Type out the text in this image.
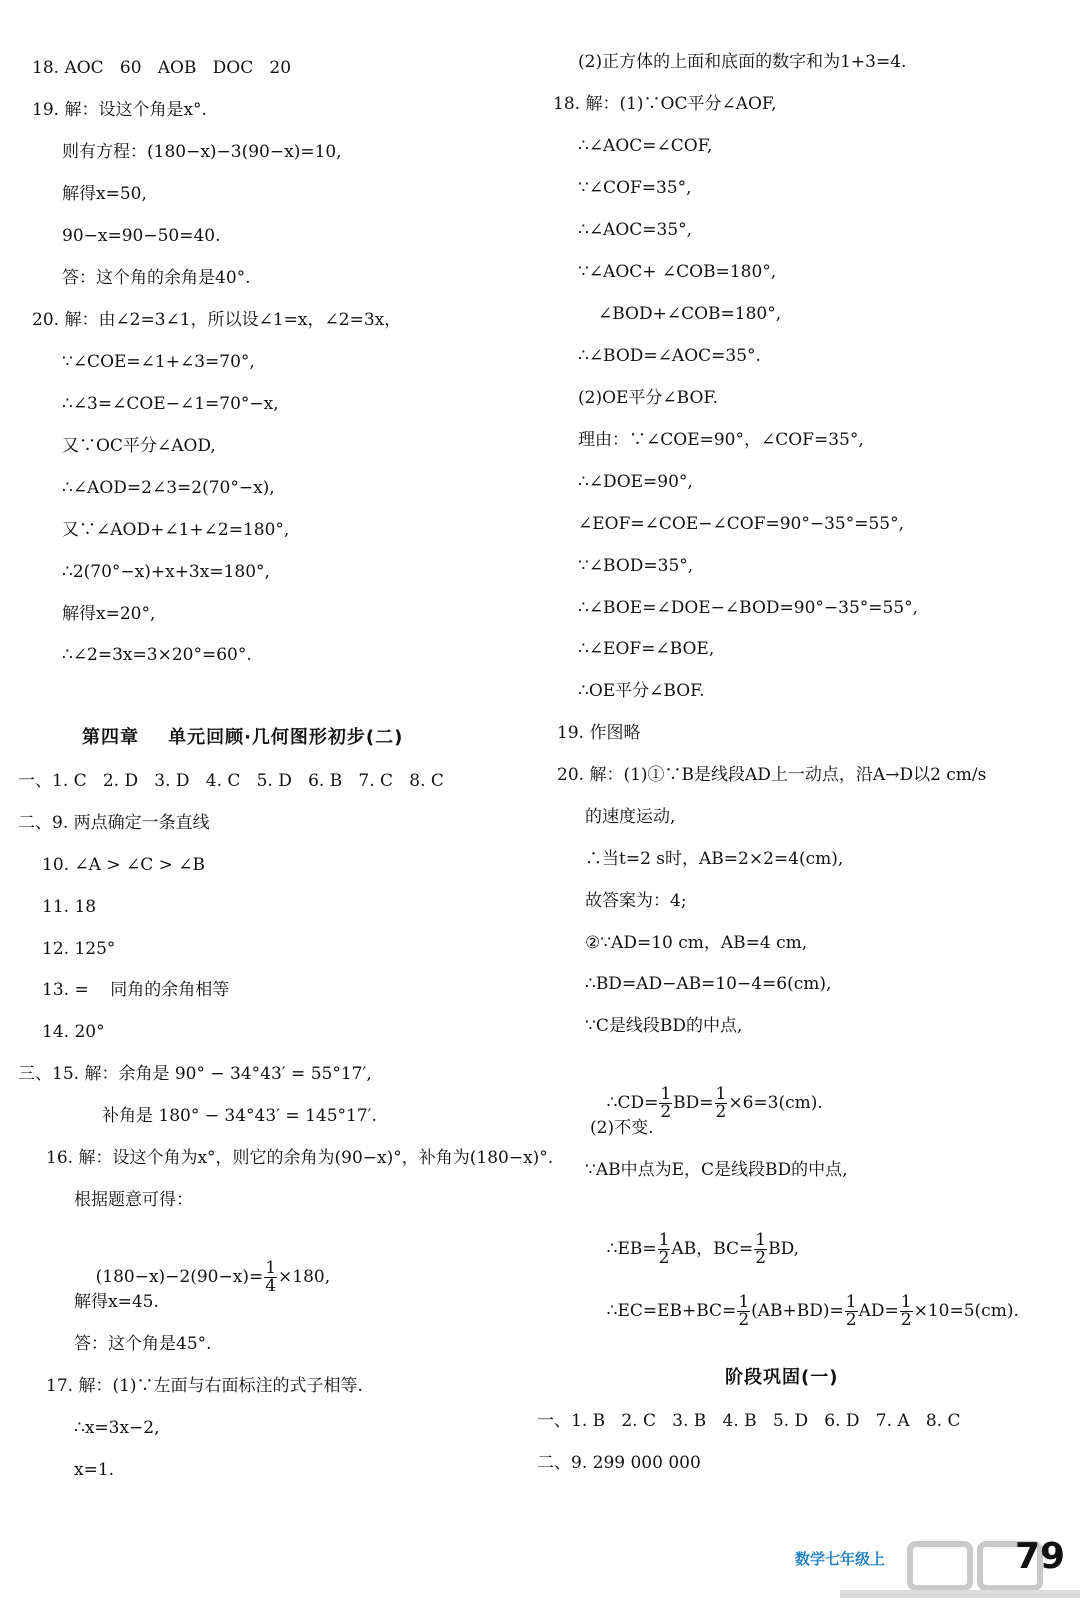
18. AOC   60   AOB   DOC   20
19. 解：设这个角是x°.
则有方程：(180−x)−3(90−x)=10,
解得x=50,
90−x=90−50=40.
答：这个角的余角是40°.
20. 解：由∠2=3∠1，所以设∠1=x，∠2=3x，
∵∠COE=∠1+∠3=70°,
∴∠3=∠COE−∠1=70°−x,
又∵OC平分∠AOD,
∴∠AOD=2∠3=2(70°−x),
又∵∠AOD+∠1+∠2=180°,
∴2(70°−x)+x+3x=180°,
解得x=20°,
∴∠2=3x=3×20°=60°.
第四章    单元回顾·几何图形初步(二)
一、1. C   2. D   3. D   4. C   5. D   6. B   7. C   8. C
二、9. 两点确定一条直线
10. ∠A > ∠C > ∠B
11. 18
12. 125°
13. =    同角的余角相等
14. 20°
三、15. 解：余角是 90° − 34°43′ = 55°17′,
补角是 180° − 34°43′ = 145°17′.
16. 解：设这个角为x°，则它的余角为(90−x)°，补角为(180−x)°.
根据题意可得：

$(180-x)-2(90-x)= \frac{1}{4} \times 180$,

解得x=45.
答：这个角是45°.
17. 解：(1)∵左面与右面标注的式子相等.
∴x=3x−2,
x=1.
(2)正方体的上面和底面的数字和为1+3=4.
18. 解：(1)∵OC平分∠AOF,
∴∠AOC=∠COF,
∵∠COF=35°,
∴∠AOC=35°,
∵∠AOC+ ∠COB=180°,
∠BOD+∠COB=180°,
∴∠BOD=∠AOC=35°.
(2)OE平分∠BOF.
理由：∵∠COE=90°，∠COF=35°,
∴∠DOE=90°,
∠EOF=∠COE−∠COF=90°−35°=55°,
∵∠BOD=35°,
∴∠BOE=∠DOE−∠BOD=90°−35°=55°,
∴∠EOF=∠BOE,
∴OE平分∠BOF.
19. 作图略
20. 解：(1)①∵B是线段AD上一动点，沿A→D以2 cm/s
的速度运动,
∴当t=2 s时，AB=2×2=4(cm),
故答案为：4;
②∵AD=10 cm，AB=4 cm,
∴BD=AD−AB=10−4=6(cm),
∵C是线段BD的中点,

∴CD= $\frac{1}{2} BD= \frac{1}{2} \times 6=3(cm)$.

(2)不变.
∵AB中点为E，C是线段BD的中点,

∴EB= $\frac{1}{2}$ AB，$BC= \frac{1}{2}$ BD,

∴EC=EB+BC= $\frac{1}{2} (AB+BD)= \frac{1}{2} AD= \frac{1}{2} \times 10=5(cm)$.

阶段巩固(一)
一、1. B   2. C   3. B   4. B   5. D   6. D   7. A   8. C
二、9. 299 000 000
数学七年级上	79
